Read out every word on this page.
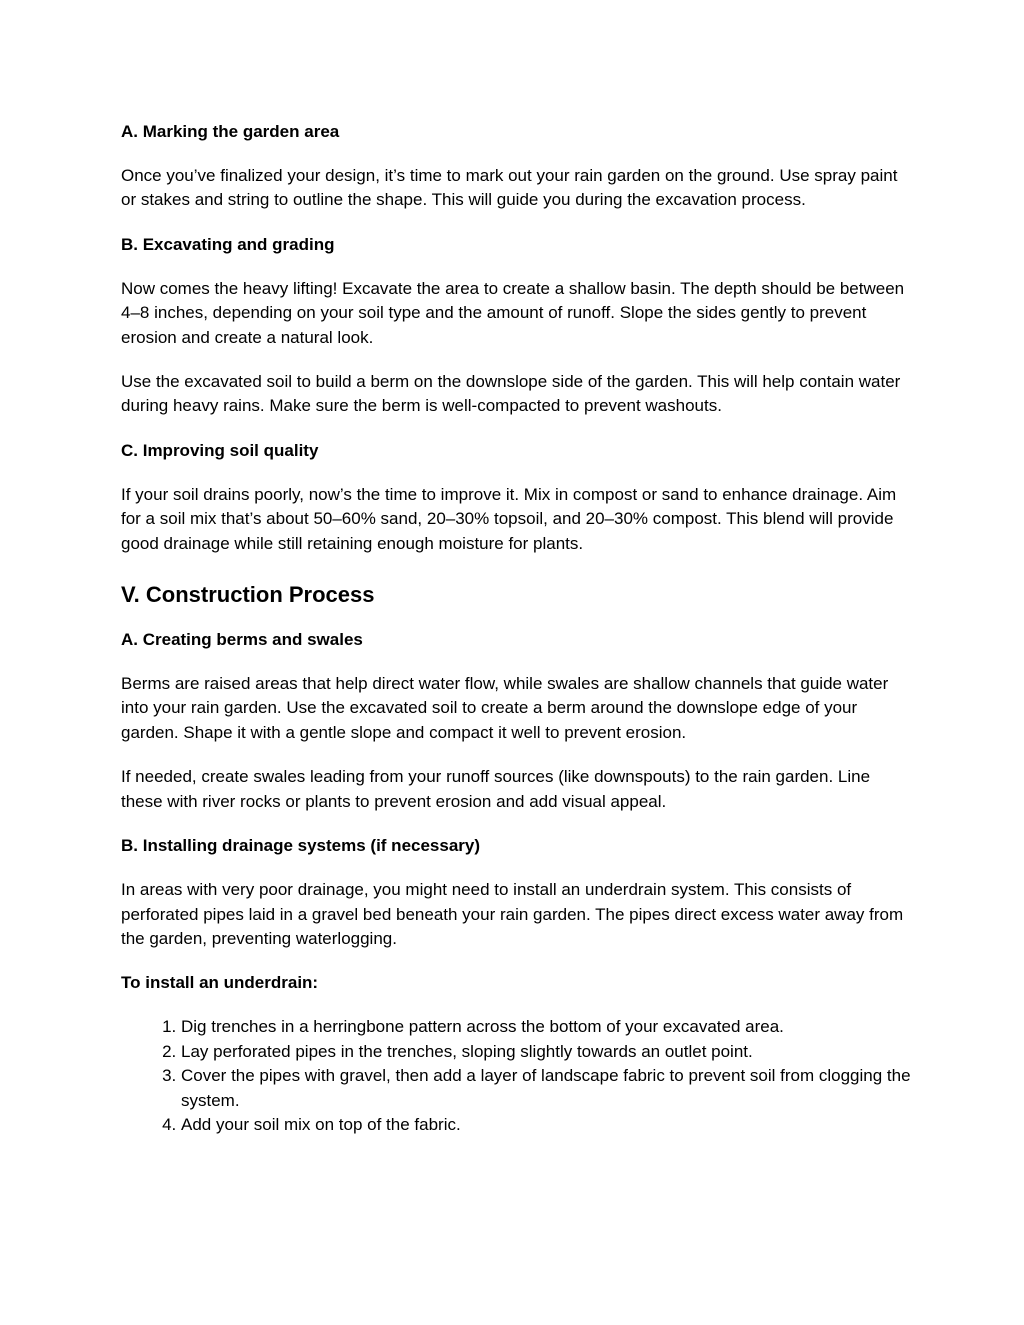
A. Marking the garden area

Once you’ve finalized your design, it’s time to mark out your rain garden on the ground. Use spray paint or stakes and string to outline the shape. This will guide you during the excavation process.

B. Excavating and grading

Now comes the heavy lifting! Excavate the area to create a shallow basin. The depth should be between 4–8 inches, depending on your soil type and the amount of runoff. Slope the sides gently to prevent erosion and create a natural look.

Use the excavated soil to build a berm on the downslope side of the garden. This will help contain water during heavy rains. Make sure the berm is well-compacted to prevent washouts.

C. Improving soil quality

If your soil drains poorly, now’s the time to improve it. Mix in compost or sand to enhance drainage. Aim for a soil mix that’s about 50–60% sand, 20–30% topsoil, and 20–30% compost. This blend will provide good drainage while still retaining enough moisture for plants.

V. Construction Process

A. Creating berms and swales

Berms are raised areas that help direct water flow, while swales are shallow channels that guide water into your rain garden. Use the excavated soil to create a berm around the downslope edge of your garden. Shape it with a gentle slope and compact it well to prevent erosion.

If needed, create swales leading from your runoff sources (like downspouts) to the rain garden. Line these with river rocks or plants to prevent erosion and add visual appeal.

B. Installing drainage systems (if necessary)

In areas with very poor drainage, you might need to install an underdrain system. This consists of perforated pipes laid in a gravel bed beneath your rain garden. The pipes direct excess water away from the garden, preventing waterlogging.

To install an underdrain:

1. Dig trenches in a herringbone pattern across the bottom of your excavated area.
2. Lay perforated pipes in the trenches, sloping slightly towards an outlet point.
3. Cover the pipes with gravel, then add a layer of landscape fabric to prevent soil from clogging the system.
4. Add your soil mix on top of the fabric.
